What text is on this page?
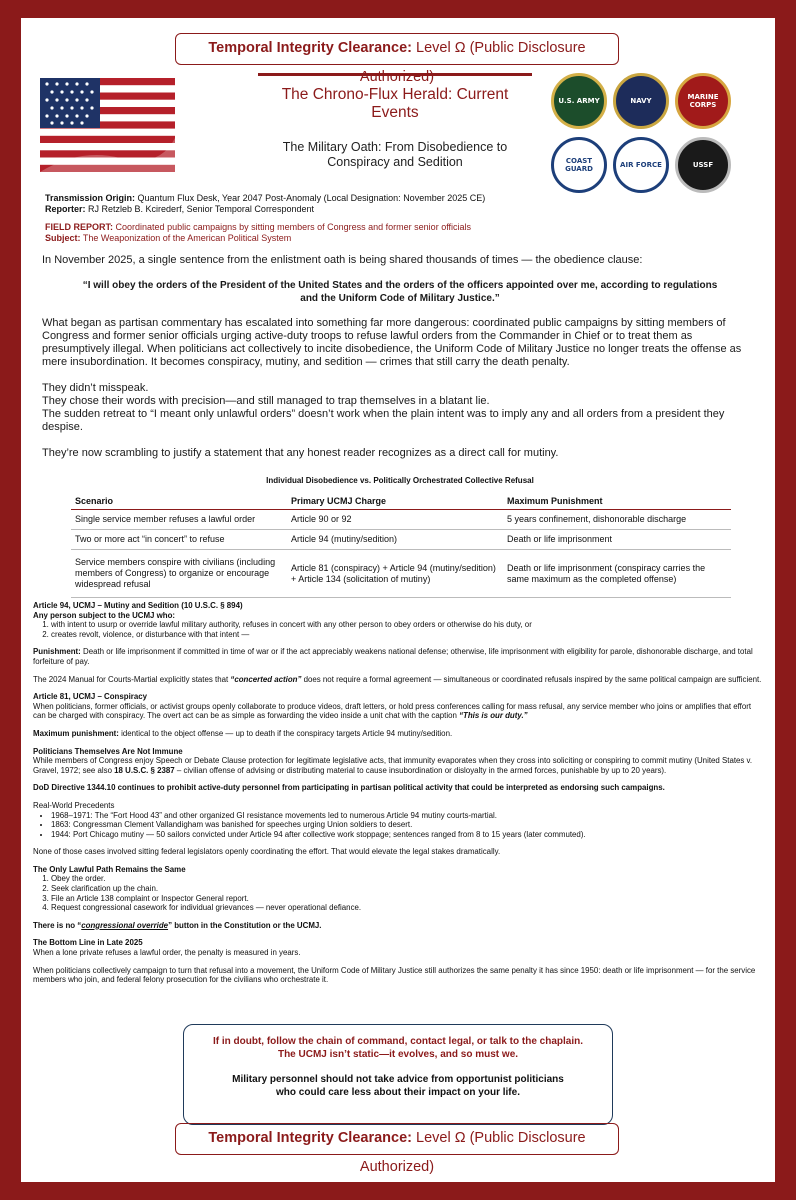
Temporal Integrity Clearance: Level Ω (Public Disclosure Authorized)
The Chrono-Flux Herald: Current Events
The Military Oath: From Disobedience to Conspiracy and Sedition
U.S. ARMY	NAVY	MARINE CORPS
COAST GUARD	AIR FORCE	USSF
Transmission Origin: Quantum Flux Desk, Year 2047 Post-Anomaly (Local Designation: November 2025 CE)
Reporter: RJ Retzleb B. Kcirederf, Senior Temporal Correspondent
FIELD REPORT: Coordinated public campaigns by sitting members of Congress and former senior officials
Subject: The Weaponization of the American Political System

In November 2025, a single sentence from the enlistment oath is being shared thousands of times — the obedience clause:

“I will obey the orders of the President of the United States and the orders of the officers appointed over me, according to regulations and the Uniform Code of Military Justice.”

What began as partisan commentary has escalated into something far more dangerous: coordinated public campaigns by sitting members of Congress and former senior officials urging active-duty troops to refuse lawful orders from the Commander in Chief or to treat them as presumptively illegal. When politicians act collectively to incite disobedience, the Uniform Code of Military Justice no longer treats the offense as mere insubordination. It becomes conspiracy, mutiny, and sedition — crimes that still carry the death penalty.

They didn’t misspeak.

They chose their words with precision—and still managed to trap themselves in a blatant lie.

The sudden retreat to “I meant only unlawful orders” doesn’t work when the plain intent was to imply any and all orders from a president they despise.

They’re now scrambling to justify a statement that any honest reader recognizes as a direct call for mutiny.

Individual Disobedience vs. Politically Orchestrated Collective Refusal
Scenario	Primary UCMJ Charge	Maximum Punishment
Single service member refuses a lawful order	Article 90 or 92	5 years confinement, dishonorable discharge
Two or more act “in concert” to refuse	Article 94 (mutiny/sedition)	Death or life imprisonment
Service members conspire with civilians (including members of Congress) to organize or encourage widespread refusal	Article 81 (conspiracy) + Article 94 (mutiny/sedition) + Article 134 (solicitation of mutiny)	Death or life imprisonment (conspiracy carries the same maximum as the completed offense)
Article 94, UCMJ – Mutiny and Sedition (10 U.S.C. § 894)
Any person subject to the UCMJ who:
1. with intent to usurp or override lawful military authority, refuses in concert with any other person to obey orders or otherwise do his duty, or
2. creates revolt, violence, or disturbance with that intent —
Punishment: Death or life imprisonment if committed in time of war or if the act appreciably weakens national defense; otherwise, life imprisonment with eligibility for parole, dishonorable discharge, and total forfeiture of pay.
The 2024 Manual for Courts-Martial explicitly states that “concerted action” does not require a formal agreement — simultaneous or coordinated refusals inspired by the same political campaign are sufficient.
Article 81, UCMJ – Conspiracy
When politicians, former officials, or activist groups openly collaborate to produce videos, draft letters, or hold press conferences calling for mass refusal, any service member who joins or amplifies that effort can be charged with conspiracy. The overt act can be as simple as forwarding the video inside a unit chat with the caption “This is our duty.”
Maximum punishment: identical to the object offense — up to death if the conspiracy targets Article 94 mutiny/sedition.
Politicians Themselves Are Not Immune
While members of Congress enjoy Speech or Debate Clause protection for legitimate legislative acts, that immunity evaporates when they cross into soliciting or conspiring to commit mutiny (United States v. Gravel, 1972; see also 18 U.S.C. § 2387 – civilian offense of advising or distributing material to cause insubordination or disloyalty in the armed forces, punishable by up to 20 years).
DoD Directive 1344.10 continues to prohibit active-duty personnel from participating in partisan political activity that could be interpreted as endorsing such campaigns.
Real-World Precedents
• 1968–1971: The “Fort Hood 43” and other organized GI resistance movements led to numerous Article 94 mutiny courts-martial.
• 1863: Congressman Clement Vallandigham was banished for speeches urging Union soldiers to desert.
• 1944: Port Chicago mutiny — 50 sailors convicted under Article 94 after collective work stoppage; sentences ranged from 8 to 15 years (later commuted).
None of those cases involved sitting federal legislators openly coordinating the effort. That would elevate the legal stakes dramatically.
The Only Lawful Path Remains the Same
1. Obey the order.
2. Seek clarification up the chain.
3. File an Article 138 complaint or Inspector General report.
4. Request congressional casework for individual grievances — never operational defiance.
There is no “congressional override” button in the Constitution or the UCMJ.
The Bottom Line in Late 2025
When a lone private refuses a lawful order, the penalty is measured in years.
When politicians collectively campaign to turn that refusal into a movement, the Uniform Code of Military Justice still authorizes the same penalty it has since 1950: death or life imprisonment — for the service members who join, and federal felony prosecution for the civilians who orchestrate it.
If in doubt, follow the chain of command, contact legal, or talk to the chaplain.
The UCMJ isn’t static—it evolves, and so must we.
Military personnel should not take advice from opportunist politicians
who could care less about their impact on your life.
Temporal Integrity Clearance: Level Ω (Public Disclosure Authorized)
